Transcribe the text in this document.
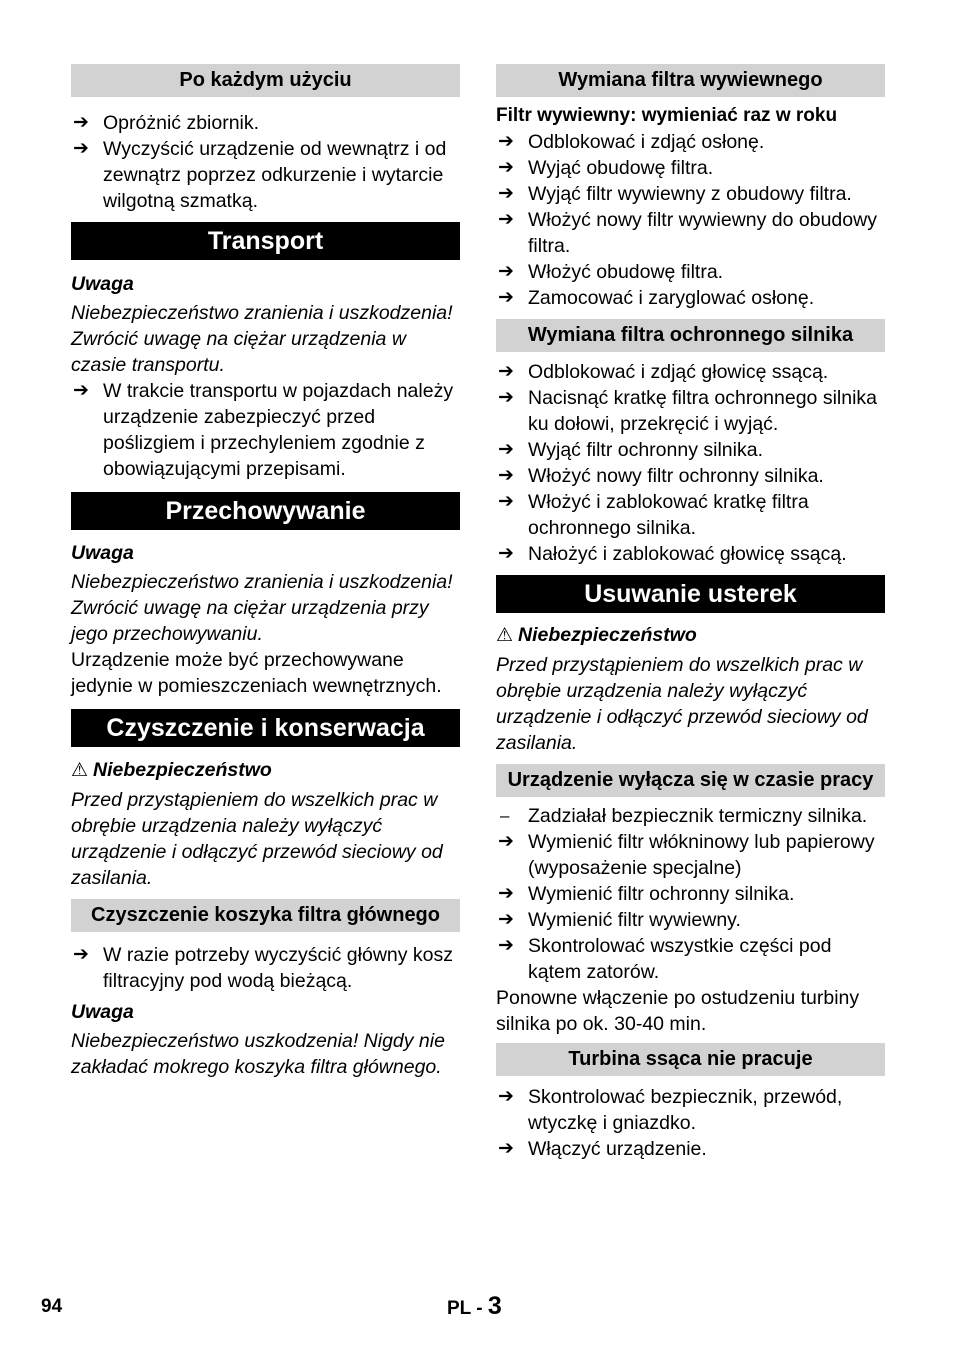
Po każdym użyciu
➔ Opróżnić zbiornik.
➔ Wyczyścić urządzenie od wewnątrz i od zewnątrz poprzez odkurzenie i wytarcie wilgotną szmatką.
Transport
Uwaga
Niebezpieczeństwo zranienia i uszkodzenia! Zwrócić uwagę na ciężar urządzenia w czasie transportu.
➔ W trakcie transportu w pojazdach należy urządzenie zabezpieczyć przed poślizgiem i przechyleniem zgodnie z obowiązującymi przepisami.
Przechowywanie
Uwaga
Niebezpieczeństwo zranienia i uszkodzenia! Zwrócić uwagę na ciężar urządzenia przy jego przechowywaniu.
Urządzenie może być przechowywane jedynie w pomieszczeniach wewnętrznych.
Czyszczenie i konserwacja
⚠ Niebezpieczeństwo
Przed przystąpieniem do wszelkich prac w obrębie urządzenia należy wyłączyć urządzenie i odłączyć przewód sieciowy od zasilania.
Czyszczenie koszyka filtra głównego
➔ W razie potrzeby wyczyścić główny kosz filtracyjny pod wodą bieżącą.
Uwaga
Niebezpieczeństwo uszkodzenia! Nigdy nie zakładać mokrego koszyka filtra głównego.
Wymiana filtra wywiewnego
Filtr wywiewny: wymieniać raz w roku
➔ Odblokować i zdjąć osłonę.
➔ Wyjąć obudowę filtra.
➔ Wyjąć filtr wywiewny z obudowy filtra.
➔ Włożyć nowy filtr wywiewny do obudowy filtra.
➔ Włożyć obudowę filtra.
➔ Zamocować i zaryglować osłonę.
Wymiana filtra ochronnego silnika
➔ Odblokować i zdjąć głowicę ssącą.
➔ Nacisnąć kratkę filtra ochronnego silnika ku dołowi, przekręcić i wyjąć.
➔ Wyjąć filtr ochronny silnika.
➔ Włożyć nowy filtr ochronny silnika.
➔ Włożyć i zablokować kratkę filtra ochronnego silnika.
➔ Nałożyć i zablokować głowicę ssącą.
Usuwanie usterek
⚠ Niebezpieczeństwo
Przed przystąpieniem do wszelkich prac w obrębie urządzenia należy wyłączyć urządzenie i odłączyć przewód sieciowy od zasilania.
Urządzenie wyłącza się w czasie pracy
– Zadziałał bezpiecznik termiczny silnika.
➔ Wymienić filtr włókninowy lub papierowy (wyposażenie specjalne)
➔ Wymienić filtr ochronny silnika.
➔ Wymienić filtr wywiewny.
➔ Skontrolować wszystkie części pod kątem zatorów.
Ponowne włączenie po ostudzeniu turbiny silnika po ok. 30-40 min.
Turbina ssąca nie pracuje
➔ Skontrolować bezpiecznik, przewód, wtyczkę i gniazdko.
➔ Włączyć urządzenie.
94	PL - 3
